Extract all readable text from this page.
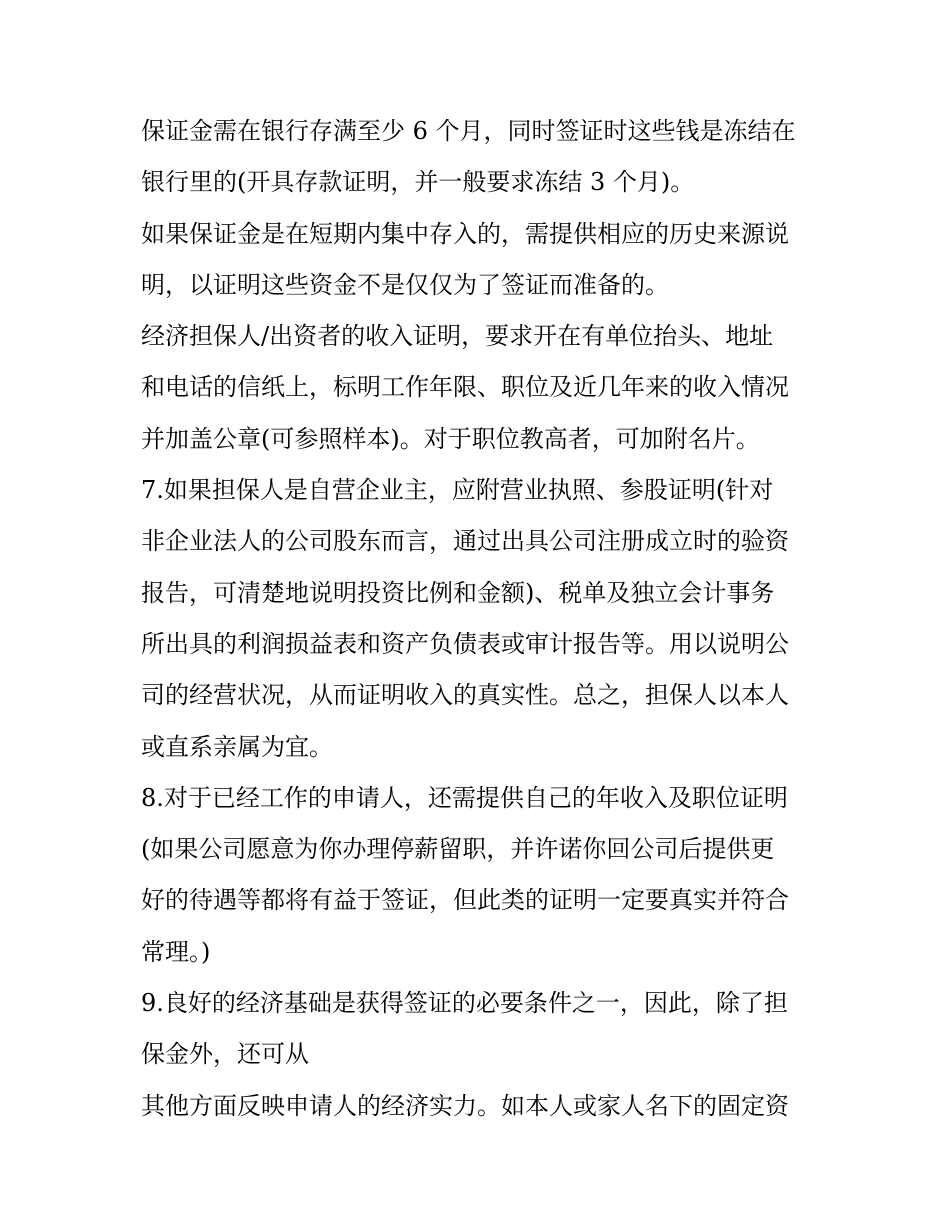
保证金需在银行存满至少 6 个月，同时签证时这些钱是冻结在
银行里的(开具存款证明，并一般要求冻结 3 个月)。
如果保证金是在短期内集中存入的，需提供相应的历史来源说
明，以证明这些资金不是仅仅为了签证而准备的。
经济担保人/出资者的收入证明，要求开在有单位抬头、地址
和电话的信纸上，标明工作年限、职位及近几年来的收入情况
并加盖公章(可参照样本)。对于职位教高者，可加附名片。
7.如果担保人是自营企业主，应附营业执照、参股证明(针对
非企业法人的公司股东而言，通过出具公司注册成立时的验资
报告，可清楚地说明投资比例和金额)、税单及独立会计事务
所出具的利润损益表和资产负债表或审计报告等。用以说明公
司的经营状况，从而证明收入的真实性。总之，担保人以本人
或直系亲属为宜。
8.对于已经工作的申请人，还需提供自己的年收入及职位证明
(如果公司愿意为你办理停薪留职，并许诺你回公司后提供更
好的待遇等都将有益于签证，但此类的证明一定要真实并符合
常理。)
9.良好的经济基础是获得签证的必要条件之一，因此，除了担
保金外，还可从
其他方面反映申请人的经济实力。如本人或家人名下的固定资
